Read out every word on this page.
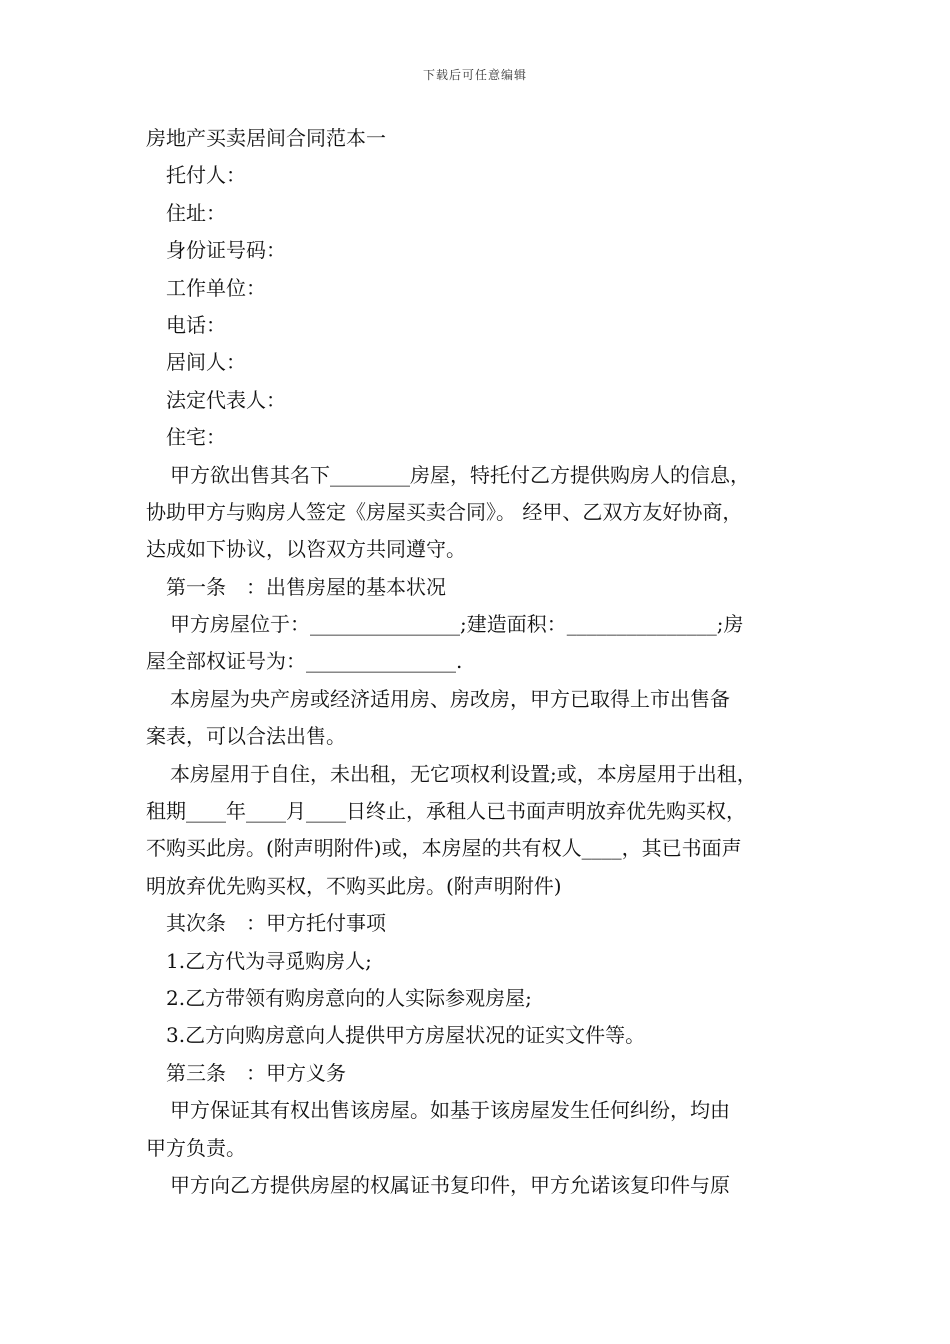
下载后可任意编辑
房地产买卖居间合同范本一
托付人：
住址：
身份证号码：
工作单位：
电话：
居间人：
法定代表人：
住宅：
甲方欲出售其名下________房屋，特托付乙方提供购房人的信息，
协助甲方与购房人签定《房屋买卖合同》。 经甲、乙双方友好协商，
达成如下协议，以咨双方共同遵守。
第一条　：出售房屋的基本状况
甲方房屋位于：_______________;建造面积：_______________;房
屋全部权证号为：_______________.
本房屋为央产房或经济适用房、房改房，甲方已取得上市出售备
案表，可以合法出售。
本房屋用于自住，未出租，无它项权利设置;或，本房屋用于出租，
租期____年____月____日终止，承租人已书面声明放弃优先购买权，
不购买此房。(附声明附件)或，本房屋的共有权人____，其已书面声
明放弃优先购买权，不购买此房。(附声明附件)
其次条　：甲方托付事项
1.乙方代为寻觅购房人;
2.乙方带领有购房意向的人实际参观房屋;
3.乙方向购房意向人提供甲方房屋状况的证实文件等。
第三条　：甲方义务
甲方保证其有权出售该房屋。如基于该房屋发生任何纠纷，均由
甲方负责。
甲方向乙方提供房屋的权属证书复印件，甲方允诺该复印件与原
